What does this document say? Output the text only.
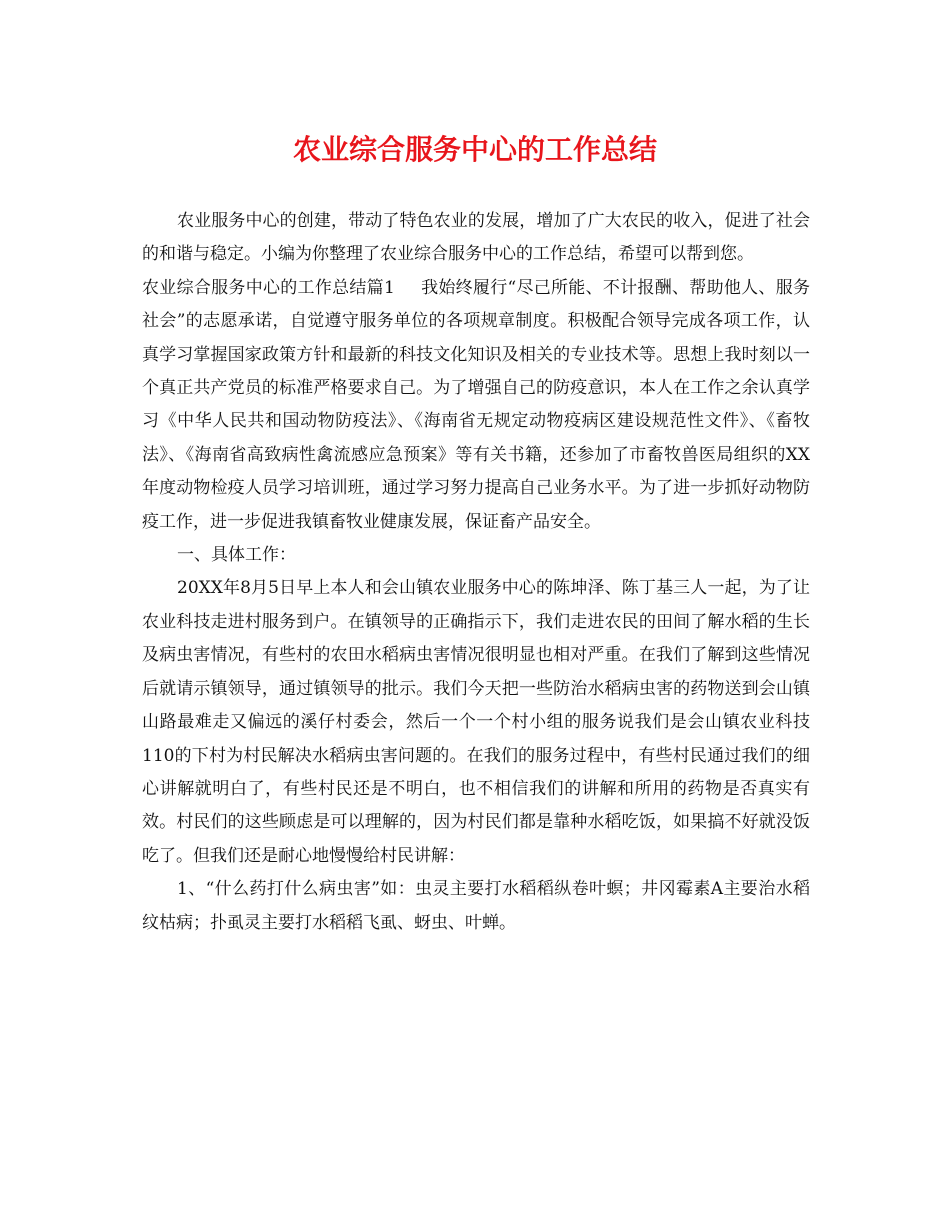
农业综合服务中心的工作总结

农业服务中心的创建，带动了特色农业的发展，增加了广大农民的收入，促进了社会的和谐与稳定。小编为你整理了农业综合服务中心的工作总结，希望可以帮到您。

农业综合服务中心的工作总结篇1 我始终履行“尽己所能、不计报酬、帮助他人、服务社会”的志愿承诺，自觉遵守服务单位的各项规章制度。积极配合领导完成各项工作，认真学习掌握国家政策方针和最新的科技文化知识及相关的专业技术等。思想上我时刻以一个真正共产党员的标准严格要求自己。为了增强自己的防疫意识，本人在工作之余认真学习《中华人民共和国动物防疫法》、《海南省无规定动物疫病区建设规范性文件》、《畜牧法》、《海南省高致病性禽流感应急预案》等有关书籍，还参加了市畜牧兽医局组织的XX年度动物检疫人员学习培训班，通过学习努力提高自己业务水平。为了进一步抓好动物防疫工作，进一步促进我镇畜牧业健康发展，保证畜产品安全。

一、具体工作：

20XX年8月5日早上本人和会山镇农业服务中心的陈坤泽、陈丁基三人一起，为了让农业科技走进村服务到户。在镇领导的正确指示下，我们走进农民的田间了解水稻的生长及病虫害情况，有些村的农田水稻病虫害情况很明显也相对严重。在我们了解到这些情况后就请示镇领导，通过镇领导的批示。我们今天把一些防治水稻病虫害的药物送到会山镇山路最难走又偏远的溪仔村委会，然后一个一个村小组的服务说我们是会山镇农业科技110的下村为村民解决水稻病虫害问题的。在我们的服务过程中，有些村民通过我们的细心讲解就明白了，有些村民还是不明白，也不相信我们的讲解和所用的药物是否真实有效。村民们的这些顾虑是可以理解的，因为村民们都是靠种水稻吃饭，如果搞不好就没饭吃了。但我们还是耐心地慢慢给村民讲解：

1、“什么药打什么病虫害”如：虫灵主要打水稻稻纵卷叶螟；井冈霉素A主要治水稻纹枯病；扑虱灵主要打水稻稻飞虱、蚜虫、叶蝉。
